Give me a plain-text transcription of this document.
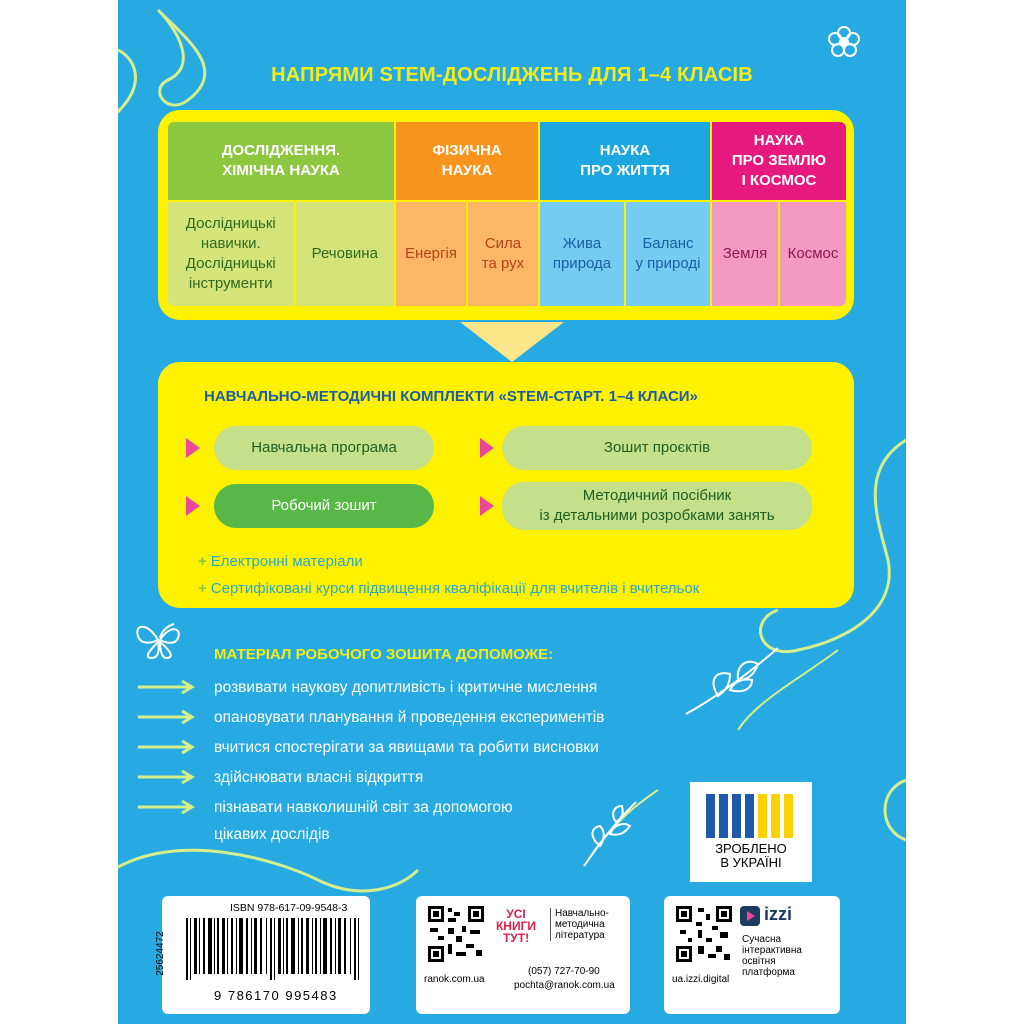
НАПРЯМИ STEM-ДОСЛІДЖЕНЬ ДЛЯ 1–4 КЛАСІВ
ДОСЛІДЖЕННЯ.
ХІМІЧНА НАУКА
Дослідницькі
навички.
Дослідницькі
інструменти
Речовина
ФІЗИЧНА
НАУКА
Енергія
Сила
та рух
НАУКА
ПРО ЖИТТЯ
Жива
природа
Баланс
у природі
НАУКА
ПРО ЗЕМЛЮ
І КОСМОС
Земля	Космос
НАВЧАЛЬНО-МЕТОДИЧНІ КОМПЛЕКТИ «STEM-СТАРТ. 1–4 КЛАСИ»
Навчальна програма	Зошит проєктів
Робочий зошит
Методичний посібник
із детальними розробками занять
+ Електронні матеріали
+ Сертифіковані курси підвищення кваліфікації для вчителів і вчительок
МАТЕРІАЛ РОБОЧОГО ЗОШИТА ДОПОМОЖЕ:
розвивати наукову допитливість і критичне мислення
опановувати планування й проведення експериментів
вчитися спостерігати за явищами та робити висновки
здійснювати власні відкриття
пізнавати навколишній світ за допомогою
цікавих дослідів
ЗРОБЛЕНО
В УКРАЇНІ
ISBN 978-617-09-9548-3
9 786170 995483
25624472
УСІ
КНИГИ
ТУТ!
Навчально-
методична
література
ranok.com.ua
(057) 727-70-90
pochta@ranok.com.ua
izzi
Сучасна
інтерактивна
освітня
платформа
ua.izzi.digital
